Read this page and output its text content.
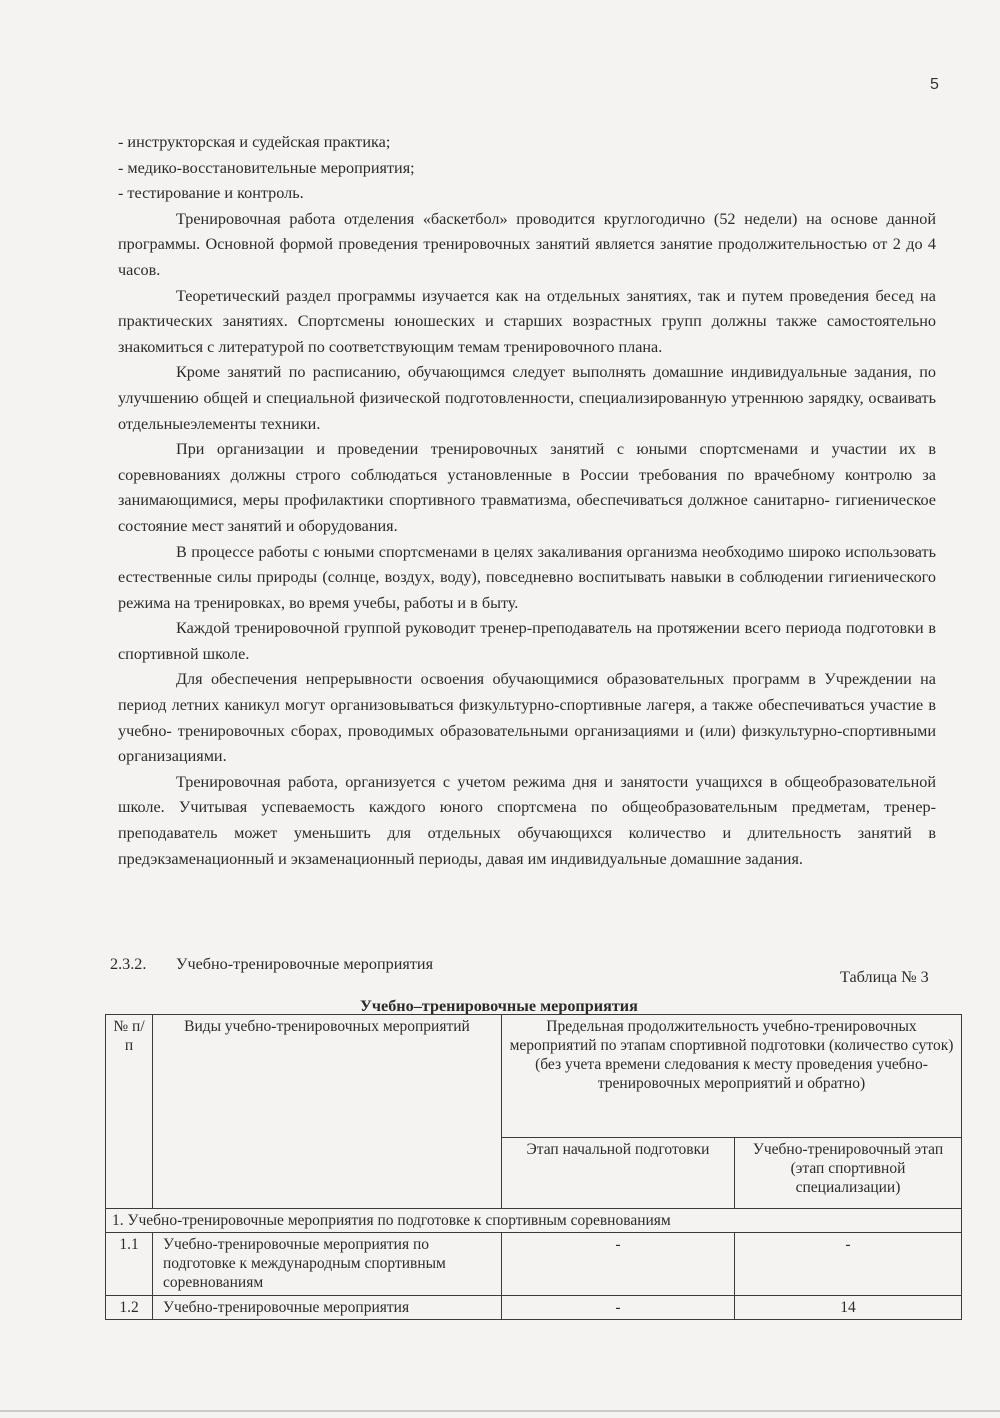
5

- инструкторская и судейская практика;

- медико-восстановительные мероприятия;

- тестирование и контроль.

Тренировочная работа отделения «баскетбол» проводится круглогодично (52 недели) на основе данной программы. Основной формой проведения тренировочных занятий является занятие продолжительностью от 2 до 4 часов.

Теоретический раздел программы изучается как на отдельных занятиях, так и путем проведения бесед на практических занятиях. Спортсмены юношеских и старших возрастных групп должны также самостоятельно знакомиться с литературой по соответствующим темам тренировочного плана.

Кроме занятий по расписанию, обучающимся следует выполнять домашние индивидуальные задания, по улучшению общей и специальной физической подготовленности, специализированную утреннюю зарядку, осваивать отдельныеэлементы техники.

При организации и проведении тренировочных занятий с юными спортсменами и участии их в соревнованиях должны строго соблюдаться установленные в России требования по врачебному контролю за занимающимися, меры профилактики спортивного травматизма, обеспечиваться должное санитарно- гигиеническое состояние мест занятий и оборудования.

В процессе работы с юными спортсменами в целях закаливания организма необходимо широко использовать естественные силы природы (солнце, воздух, воду), повседневно воспитывать навыки в соблюдении гигиенического режима на тренировках, во время учебы, работы и в быту.

Каждой тренировочной группой руководит тренер-преподаватель на протяжении всего периода подготовки в спортивной школе.

Для обеспечения непрерывности освоения обучающимися образовательных программ в Учреждении на период летних каникул могут организовываться физкультурно-спортивные лагеря, а также обеспечиваться участие в учебно- тренировочных сборах, проводимых образовательными организациями и (или) физкультурно-спортивными организациями.

Тренировочная работа, организуется с учетом режима дня и занятости учащихся в общеобразовательной школе. Учитывая успеваемость каждого юного спортсмена по общеобразовательным предметам, тренер-преподаватель может уменьшить для отдельных обучающихся количество и длительность занятий в предэкзаменационный и экзаменационный периоды, давая им индивидуальные домашние задания.

2.3.2. Учебно-тренировочные мероприятия
Таблица № 3
Учебно–тренировочные мероприятия
№ п/п	Виды учебно-тренировочных мероприятий	Предельная продолжительность учебно-тренировочных мероприятий по этапам спортивной подготовки (количество суток) (без учета времени следования к месту проведения учебно-тренировочных мероприятий и обратно)	
		Этап начальной подготовки	Учебно-тренировочный этап (этап спортивной специализации)
1. Учебно-тренировочные мероприятия по подготовке к спортивным соревнованиям			
1.1	Учебно-тренировочные мероприятия по подготовке к международным спортивным соревнованиям	-	-
1.2	Учебно-тренировочные мероприятия	-	14
